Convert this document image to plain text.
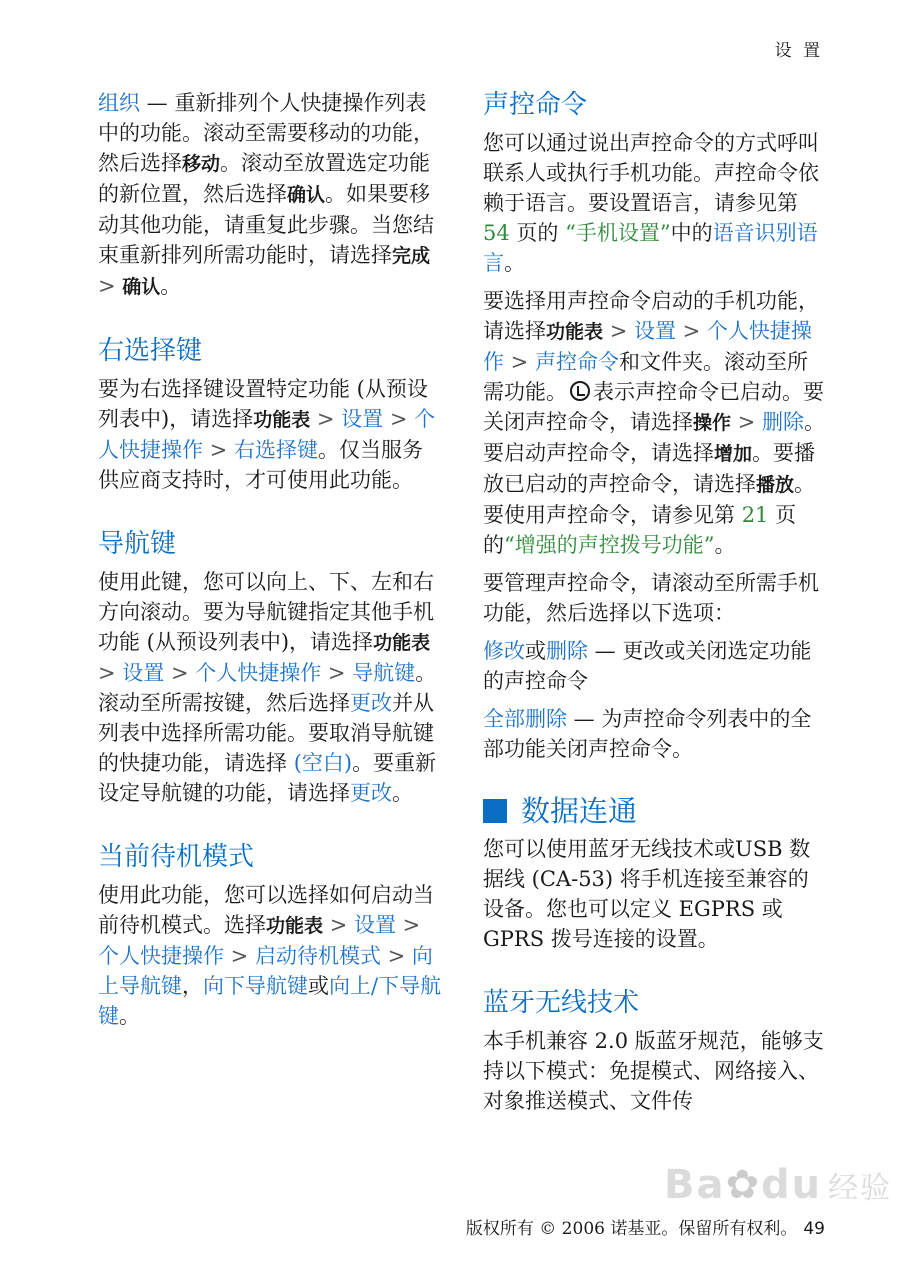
设 置

组织 — 重新排列个人快捷操作列表中的功能。滚动至需要移动的功能，然后选择移动。滚动至放置选定功能的新位置，然后选择确认。如果要移动其他功能，请重复此步骤。当您结束重新排列所需功能时，请选择完成 > 确认。

右选择键

要为右选择键设置特定功能 (从预设列表中)，请选择功能表 > 设置 > 个人快捷操作 > 右选择键。仅当服务供应商支持时，才可使用此功能。

导航键

使用此键，您可以向上、下、左和右方向滚动。要为导航键指定其他手机功能 (从预设列表中)，请选择功能表 > 设置 > 个人快捷操作 > 导航键。滚动至所需按键，然后选择更改并从列表中选择所需功能。要取消导航键的快捷功能，请选择 (空白)。要重新设定导航键的功能，请选择更改。

当前待机模式

使用此功能，您可以选择如何启动当前待机模式。选择功能表 > 设置 > 个人快捷操作 > 启动待机模式 > 向上导航键，向下导航键或向上/下导航键。

声控命令

您可以通过说出声控命令的方式呼叫联系人或执行手机功能。声控命令依赖于语言。要设置语言，请参见第 54 页的 “手机设置”中的语音识别语言。

要选择用声控命令启动的手机功能，请选择功能表 > 设置 > 个人快捷操作 > 声控命令和文件夹。滚动至所需功能。 表示声控命令已启动。要关闭声控命令，请选择操作 > 删除。要启动声控命令，请选择增加。要播放已启动的声控命令，请选择播放。要使用声控命令，请参见第 21 页的“增强的声控拨号功能”。

要管理声控命令，请滚动至所需手机功能，然后选择以下选项：

修改或删除 — 更改或关闭选定功能的声控命令

全部删除 — 为声控命令列表中的全部功能关闭声控命令。

数据连通

您可以使用蓝牙无线技术或USB 数据线 (CA-53) 将手机连接至兼容的设备。您也可以定义 EGPRS 或 GPRS 拨号连接的设置。

蓝牙无线技术

本手机兼容 2.0 版蓝牙规范，能够支持以下模式：免提模式、网络接入、对象推送模式、文件传

Ba✿du 经验
版权所有 © 2006 诺基亚。保留所有权利。 49
